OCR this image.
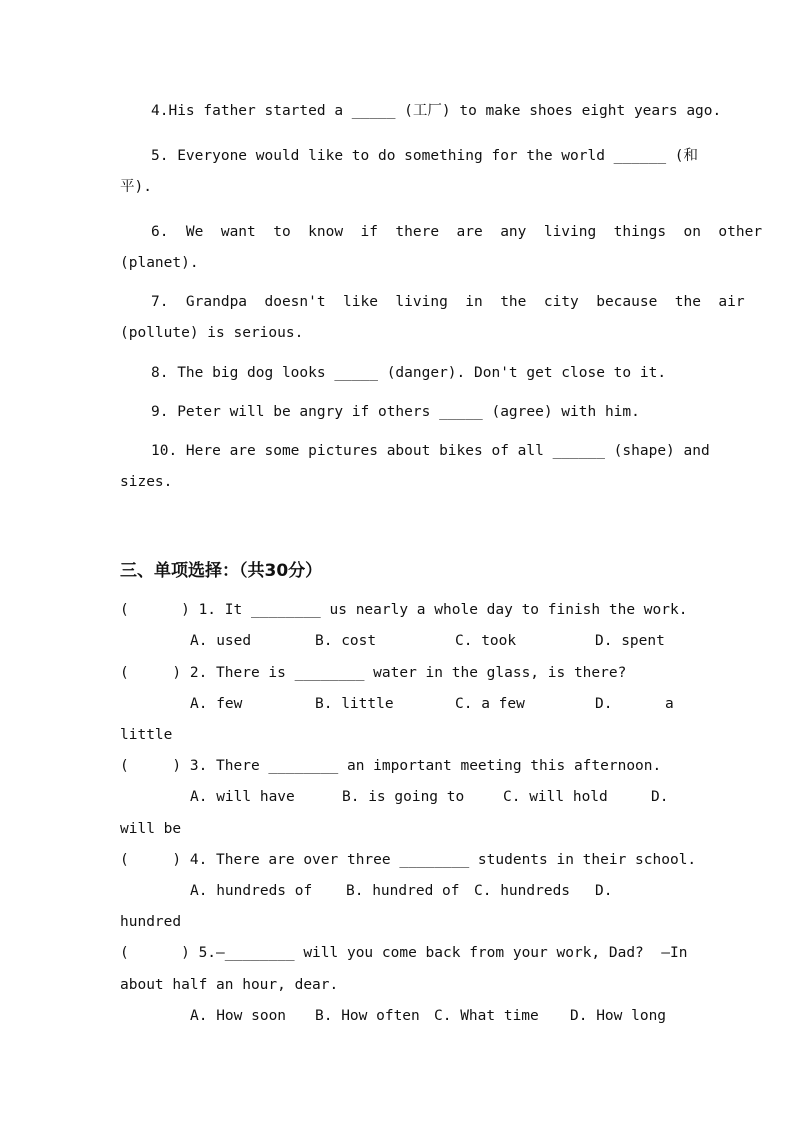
4.His father started a _____ (工厂) to make shoes eight years ago.
5. Everyone would like to do something for the world ______ (和
平).
6.  We  want  to  know  if  there  are  any  living  things  on  other
(planet).
7.  Grandpa  doesn't  like  living  in  the  city  because  the  air
(pollute) is serious.
8. The big dog looks _____ (danger). Don't get close to it.
9. Peter will be angry if others _____ (agree) with him.
10. Here are some pictures about bikes of all ______ (shape) and
sizes.
三、单项选择：（共30分）
(      ) 1. It ________ us nearly a whole day to finish the work.
A. used	B. cost	C. took	D. spent
(     ) 2. There is ________ water in the glass, is there?
A. few	B. little	C. a few	D.	a
little
(     ) 3. There ________ an important meeting this afternoon.
A. will have	B. is going to	C. will hold	D.
will be
(     ) 4. There are over three ________ students in their school.
A. hundreds of B. hundred of C. hundreds D.
hundred
(      ) 5.—________ will you come back from your work, Dad?  —In
about half an hour, dear.
A. How soon B. How often C. What time D. How long
